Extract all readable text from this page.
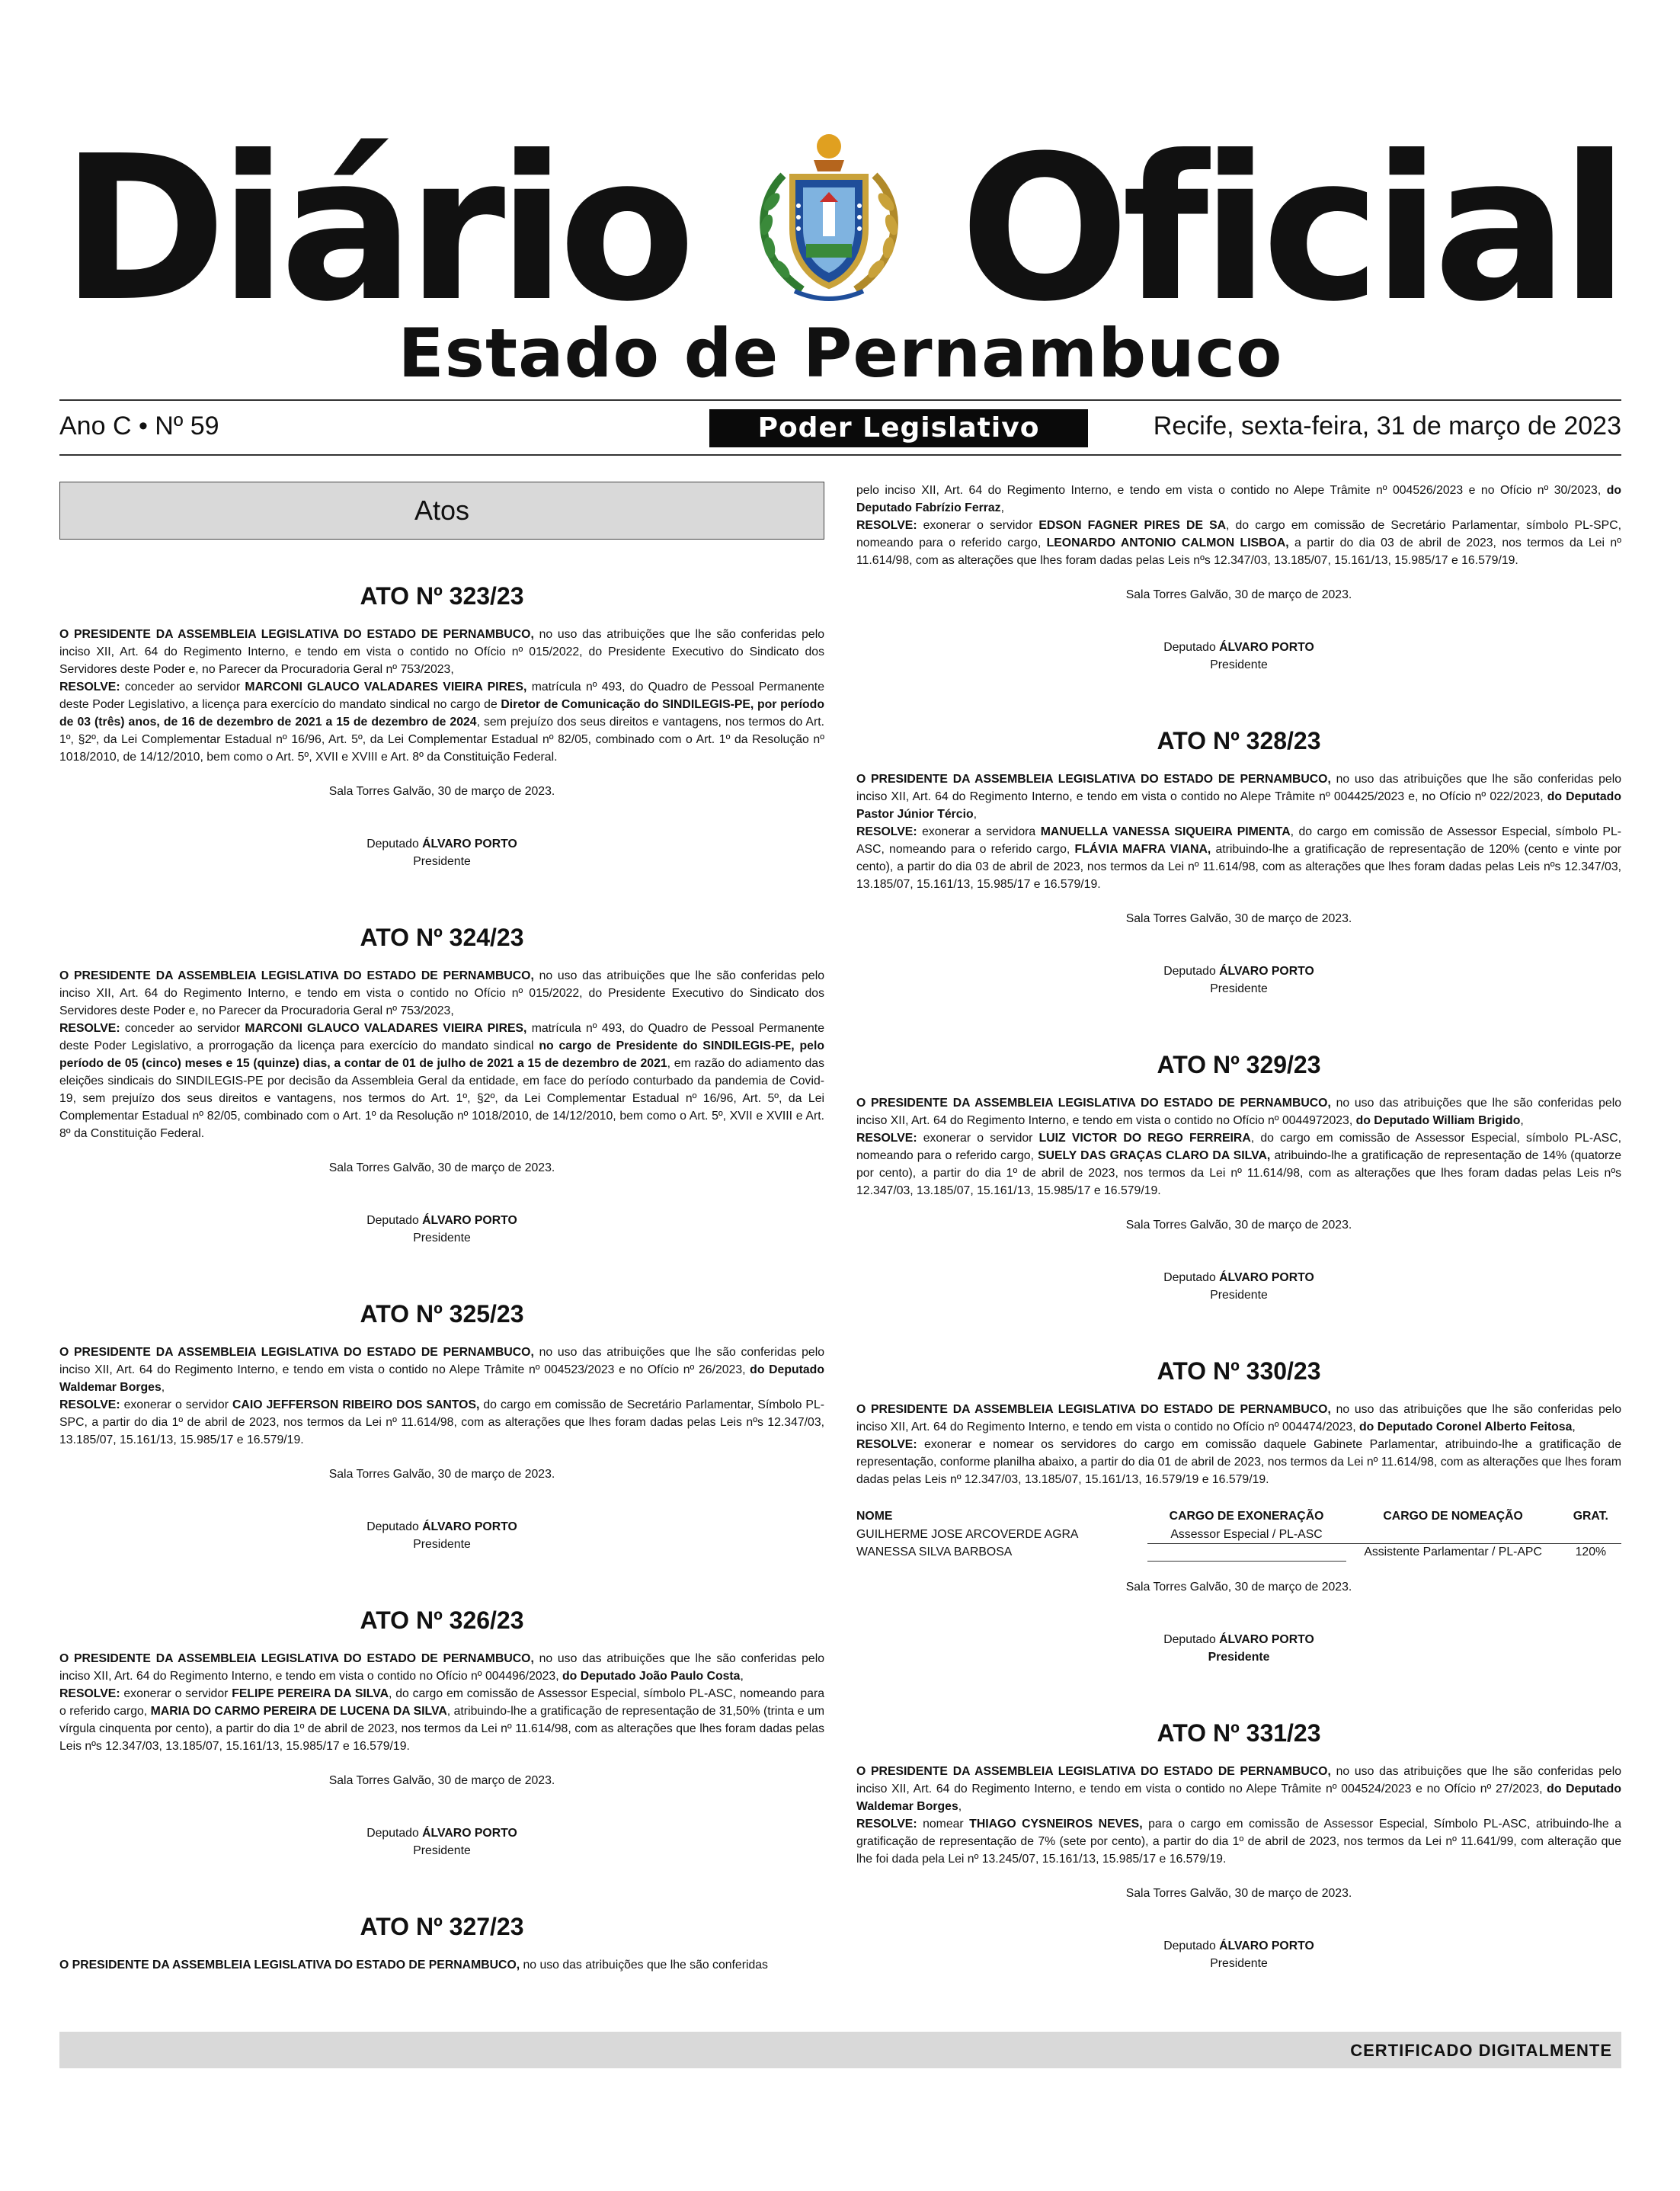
Diário Oficial
Estado de Pernambuco
Ano C • Nº 59	Poder Legislativo	Recife, sexta-feira, 31 de março de 2023
Atos
ATO Nº 323/23

O PRESIDENTE DA ASSEMBLEIA LEGISLATIVA DO ESTADO DE PERNAMBUCO, no uso das atribuições que lhe são conferidas pelo inciso XII, Art. 64 do Regimento Interno, e tendo em vista o contido no Ofício nº 015/2022, do Presidente Executivo do Sindicato dos Servidores deste Poder e, no Parecer da Procuradoria Geral nº 753/2023,
RESOLVE: conceder ao servidor MARCONI GLAUCO VALADARES VIEIRA PIRES, matrícula nº 493, do Quadro de Pessoal Permanente deste Poder Legislativo, a licença para exercício do mandato sindical no cargo de Diretor de Comunicação do SINDILEGIS-PE, por período de 03 (três) anos, de 16 de dezembro de 2021 a 15 de dezembro de 2024, sem prejuízo dos seus direitos e vantagens, nos termos do Art. 1º, §2º, da Lei Complementar Estadual nº 16/96, Art. 5º, da Lei Complementar Estadual nº 82/05, combinado com o Art. 1º da Resolução nº 1018/2010, de 14/12/2010, bem como o Art. 5º, XVII e XVIII e Art. 8º da Constituição Federal.

Sala Torres Galvão, 30 de março de 2023.
Deputado ÁLVARO PORTO
Presidente
ATO Nº 324/23

O PRESIDENTE DA ASSEMBLEIA LEGISLATIVA DO ESTADO DE PERNAMBUCO, no uso das atribuições que lhe são conferidas pelo inciso XII, Art. 64 do Regimento Interno, e tendo em vista o contido no Ofício nº 015/2022, do Presidente Executivo do Sindicato dos Servidores deste Poder e, no Parecer da Procuradoria Geral nº 753/2023,
RESOLVE: conceder ao servidor MARCONI GLAUCO VALADARES VIEIRA PIRES, matrícula nº 493, do Quadro de Pessoal Permanente deste Poder Legislativo, a prorrogação da licença para exercício do mandato sindical no cargo de Presidente do SINDILEGIS-PE, pelo período de 05 (cinco) meses e 15 (quinze) dias, a contar de 01 de julho de 2021 a 15 de dezembro de 2021, em razão do adiamento das eleições sindicais do SINDILEGIS-PE por decisão da Assembleia Geral da entidade, em face do período conturbado da pandemia de Covid-19, sem prejuízo dos seus direitos e vantagens, nos termos do Art. 1º, §2º, da Lei Complementar Estadual nº 16/96, Art. 5º, da Lei Complementar Estadual nº 82/05, combinado com o Art. 1º da Resolução nº 1018/2010, de 14/12/2010, bem como o Art. 5º, XVII e XVIII e Art. 8º da Constituição Federal.

Sala Torres Galvão, 30 de março de 2023.
Deputado ÁLVARO PORTO
Presidente
ATO Nº 325/23

O PRESIDENTE DA ASSEMBLEIA LEGISLATIVA DO ESTADO DE PERNAMBUCO, no uso das atribuições que lhe são conferidas pelo inciso XII, Art. 64 do Regimento Interno, e tendo em vista o contido no Alepe Trâmite nº 004523/2023 e no Ofício nº 26/2023, do Deputado Waldemar Borges,
RESOLVE: exonerar o servidor CAIO JEFFERSON RIBEIRO DOS SANTOS, do cargo em comissão de Secretário Parlamentar, Símbolo PL-SPC, a partir do dia 1º de abril de 2023, nos termos da Lei nº 11.614/98, com as alterações que lhes foram dadas pelas Leis nºs 12.347/03, 13.185/07, 15.161/13, 15.985/17 e 16.579/19.

Sala Torres Galvão, 30 de março de 2023.
Deputado ÁLVARO PORTO
Presidente
ATO Nº 326/23

O PRESIDENTE DA ASSEMBLEIA LEGISLATIVA DO ESTADO DE PERNAMBUCO, no uso das atribuições que lhe são conferidas pelo inciso XII, Art. 64 do Regimento Interno, e tendo em vista o contido no Ofício nº 004496/2023, do Deputado João Paulo Costa,
RESOLVE: exonerar o servidor FELIPE PEREIRA DA SILVA, do cargo em comissão de Assessor Especial, símbolo PL-ASC, nomeando para o referido cargo, MARIA DO CARMO PEREIRA DE LUCENA DA SILVA, atribuindo-lhe a gratificação de representação de 31,50% (trinta e um vírgula cinquenta por cento), a partir do dia 1º de abril de 2023, nos termos da Lei nº 11.614/98, com as alterações que lhes foram dadas pelas Leis nºs 12.347/03, 13.185/07, 15.161/13, 15.985/17 e 16.579/19.

Sala Torres Galvão, 30 de março de 2023.
Deputado ÁLVARO PORTO
Presidente
ATO Nº 327/23

O PRESIDENTE DA ASSEMBLEIA LEGISLATIVA DO ESTADO DE PERNAMBUCO, no uso das atribuições que lhe são conferidas

pelo inciso XII, Art. 64 do Regimento Interno, e tendo em vista o contido no Alepe Trâmite nº 004526/2023 e no Ofício nº 30/2023, do Deputado Fabrízio Ferraz,
RESOLVE: exonerar o servidor EDSON FAGNER PIRES DE SA, do cargo em comissão de Secretário Parlamentar, símbolo PL-SPC, nomeando para o referido cargo, LEONARDO ANTONIO CALMON LISBOA, a partir do dia 03 de abril de 2023, nos termos da Lei nº 11.614/98, com as alterações que lhes foram dadas pelas Leis nºs 12.347/03, 13.185/07, 15.161/13, 15.985/17 e 16.579/19.

Sala Torres Galvão, 30 de março de 2023.
Deputado ÁLVARO PORTO
Presidente
ATO Nº 328/23

O PRESIDENTE DA ASSEMBLEIA LEGISLATIVA DO ESTADO DE PERNAMBUCO, no uso das atribuições que lhe são conferidas pelo inciso XII, Art. 64 do Regimento Interno, e tendo em vista o contido no Alepe Trâmite nº 004425/2023 e, no Ofício nº 022/2023, do Deputado Pastor Júnior Tércio,
RESOLVE: exonerar a servidora MANUELLA VANESSA SIQUEIRA PIMENTA, do cargo em comissão de Assessor Especial, símbolo PL-ASC, nomeando para o referido cargo, FLÁVIA MAFRA VIANA, atribuindo-lhe a gratificação de representação de 120% (cento e vinte por cento), a partir do dia 03 de abril de 2023, nos termos da Lei nº 11.614/98, com as alterações que lhes foram dadas pelas Leis nºs 12.347/03, 13.185/07, 15.161/13, 15.985/17 e 16.579/19.

Sala Torres Galvão, 30 de março de 2023.
Deputado ÁLVARO PORTO
Presidente
ATO Nº 329/23

O PRESIDENTE DA ASSEMBLEIA LEGISLATIVA DO ESTADO DE PERNAMBUCO, no uso das atribuições que lhe são conferidas pelo inciso XII, Art. 64 do Regimento Interno, e tendo em vista o contido no Ofício nº 0044972023, do Deputado William Brigido,
RESOLVE: exonerar o servidor LUIZ VICTOR DO REGO FERREIRA, do cargo em comissão de Assessor Especial, símbolo PL-ASC, nomeando para o referido cargo, SUELY DAS GRAÇAS CLARO DA SILVA, atribuindo-lhe a gratificação de representação de 14% (quatorze por cento), a partir do dia 1º de abril de 2023, nos termos da Lei nº 11.614/98, com as alterações que lhes foram dadas pelas Leis nºs 12.347/03, 13.185/07, 15.161/13, 15.985/17 e 16.579/19.

Sala Torres Galvão, 30 de março de 2023.
Deputado ÁLVARO PORTO
Presidente
ATO Nº 330/23

O PRESIDENTE DA ASSEMBLEIA LEGISLATIVA DO ESTADO DE PERNAMBUCO, no uso das atribuições que lhe são conferidas pelo inciso XII, Art. 64 do Regimento Interno, e tendo em vista o contido no Ofício nº 004474/2023, do Deputado Coronel Alberto Feitosa,
RESOLVE: exonerar e nomear os servidores do cargo em comissão daquele Gabinete Parlamentar, atribuindo-lhe a gratificação de representação, conforme planilha abaixo, a partir do dia 01 de abril de 2023, nos termos da Lei nº 11.614/98, com as alterações que lhes foram dadas pelas Leis nº 12.347/03, 13.185/07, 15.161/13, 16.579/19 e 16.579/19.

NOME	CARGO DE EXONERAÇÃO	CARGO DE NOMEAÇÃO	GRAT.
GUILHERME JOSE ARCOVERDE AGRA	Assessor Especial / PL-ASC		
WANESSA SILVA BARBOSA		Assistente Parlamentar / PL-APC	120%
Sala Torres Galvão, 30 de março de 2023.
Deputado ÁLVARO PORTO
Presidente
ATO Nº 331/23

O PRESIDENTE DA ASSEMBLEIA LEGISLATIVA DO ESTADO DE PERNAMBUCO, no uso das atribuições que lhe são conferidas pelo inciso XII, Art. 64 do Regimento Interno, e tendo em vista o contido no Alepe Trâmite nº 004524/2023 e no Ofício nº 27/2023, do Deputado Waldemar Borges,
RESOLVE: nomear THIAGO CYSNEIROS NEVES, para o cargo em comissão de Assessor Especial, Símbolo PL-ASC, atribuindo-lhe a gratificação de representação de 7% (sete por cento), a partir do dia 1º de abril de 2023, nos termos da Lei nº 11.641/99, com alteração que lhe foi dada pela Lei nº 13.245/07, 15.161/13, 15.985/17 e 16.579/19.

Sala Torres Galvão, 30 de março de 2023.
Deputado ÁLVARO PORTO
Presidente
CERTIFICADO DIGITALMENTE
